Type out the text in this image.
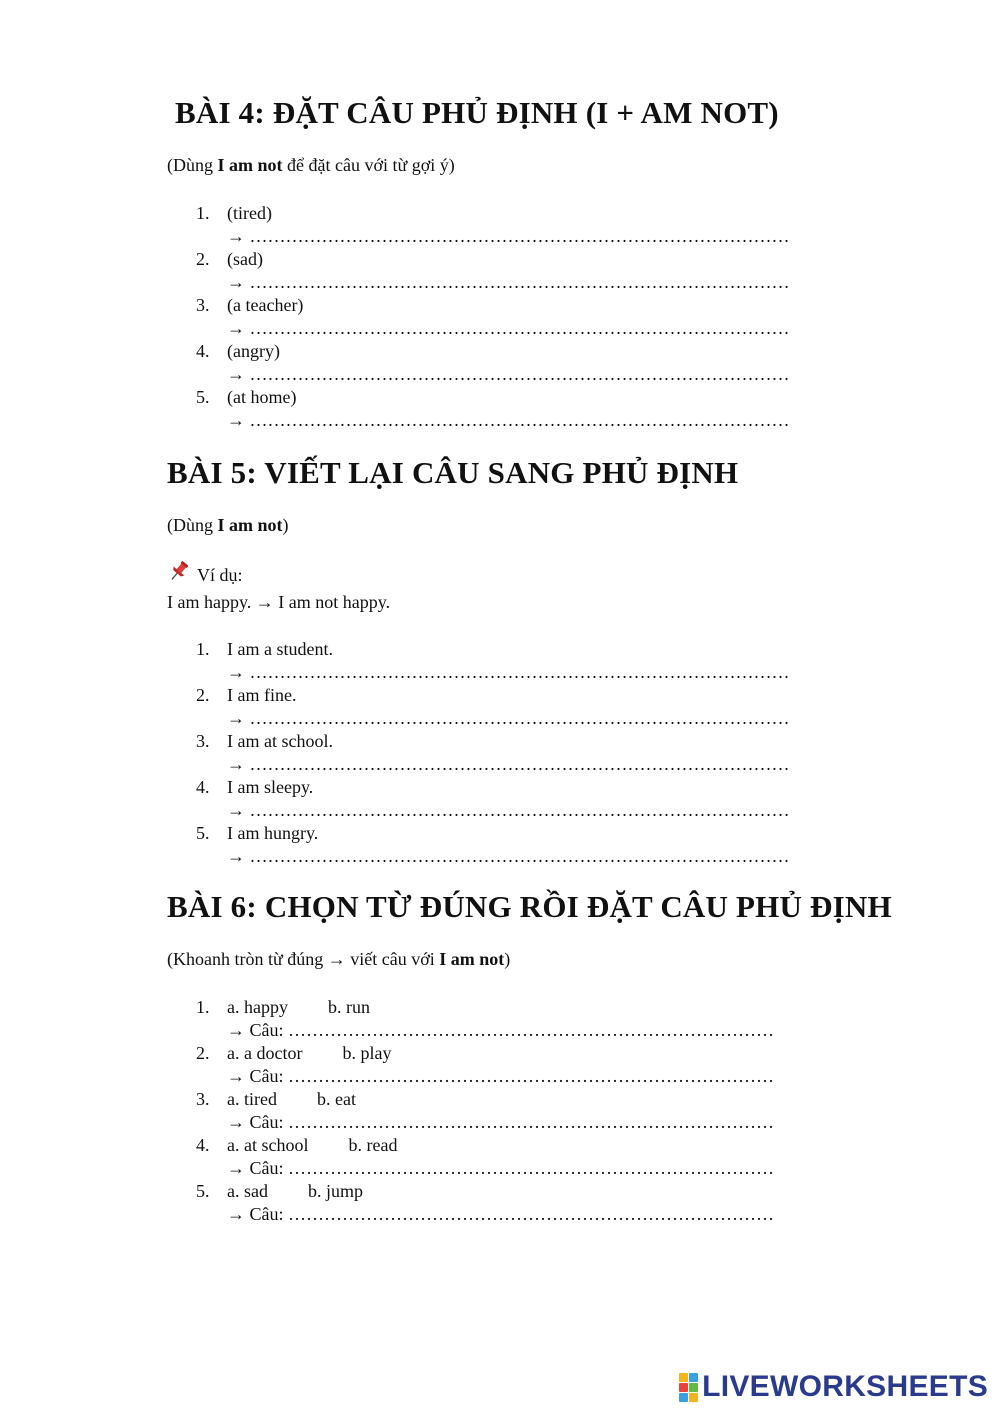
BÀI 4: ĐẶT CÂU PHỦ ĐỊNH (I + AM NOT)

(Dùng I am not để đặt câu với từ gợi ý)

1. (tired)
→ ………………………………………………………………………………
2. (sad)
→ ………………………………………………………………………………
3. (a teacher)
→ ………………………………………………………………………………
4. (angry)
→ ………………………………………………………………………………
5. (at home)
→ ………………………………………………………………………………
BÀI 5: VIẾT LẠI CÂU SANG PHỦ ĐỊNH

(Dùng I am not)

Ví dụ:
I am happy. → I am not happy.
1. I am a student.
→ ………………………………………………………………………………
2. I am fine.
→ ………………………………………………………………………………
3. I am at school.
→ ………………………………………………………………………………
4. I am sleepy.
→ ………………………………………………………………………………
5. I am hungry.
→ ………………………………………………………………………………
BÀI 6: CHỌN TỪ ĐÚNG RỒI ĐẶT CÂU PHỦ ĐỊNH

(Khoanh tròn từ đúng → viết câu với I am not)

1. a. happy b. run
→ Câu: ………………………………………………………………………
2. a. a doctor b. play
→ Câu: ………………………………………………………………………
3. a. tired b. eat
→ Câu: ………………………………………………………………………
4. a. at school b. read
→ Câu: ………………………………………………………………………
5. a. sad b. jump
→ Câu: ………………………………………………………………………
LIVEWORKSHEETS
